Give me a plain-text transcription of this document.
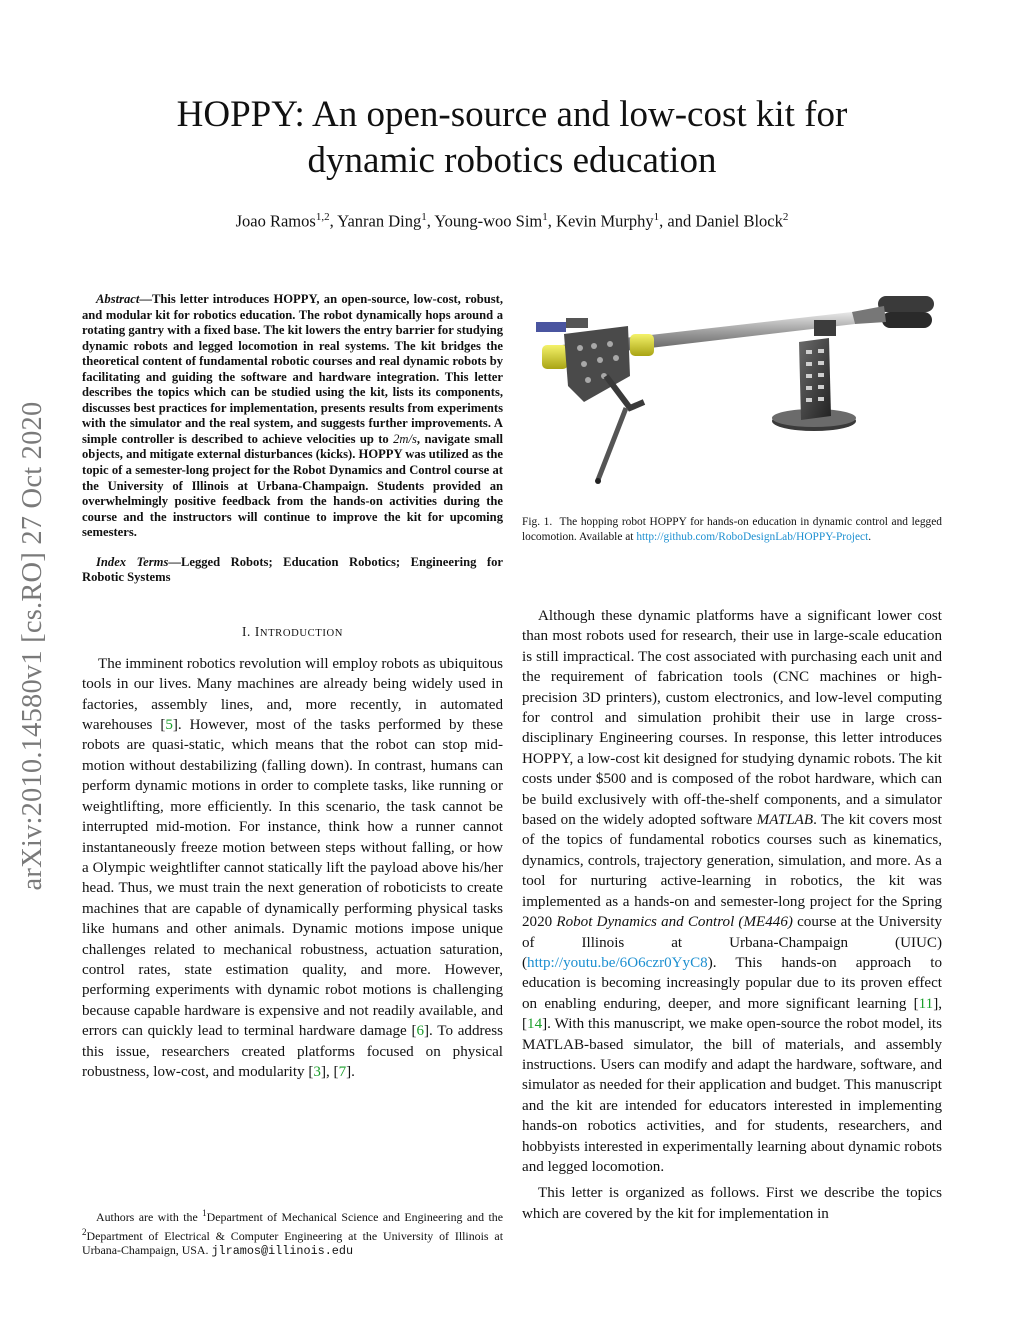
arXiv:2010.14580v1 [cs.RO] 27 Oct 2020
HOPPY: An open-source and low-cost kit for
dynamic robotics education
Joao Ramos$^{1,2}$, Yanran Ding$^1$, Young-woo Sim$^1$, Kevin Murphy$^1$, and Daniel Block$^2$

Abstract—This letter introduces HOPPY, an open-source, low-cost, robust, and modular kit for robotics education. The robot dynamically hops around a rotating gantry with a fixed base. The kit lowers the entry barrier for studying dynamic robots and legged locomotion in real systems. The kit bridges the theoretical content of fundamental robotic courses and real dynamic robots by facilitating and guiding the software and hardware integration. This letter describes the topics which can be studied using the kit, lists its components, discusses best practices for implementation, presents results from experiments with the simulator and the real system, and suggests further improvements. A simple controller is described to achieve velocities up to 2m/s, navigate small objects, and mitigate external disturbances (kicks). HOPPY was utilized as the topic of a semester-long project for the Robot Dynamics and Control course at the University of Illinois at Urbana-Champaign. Students provided an overwhelmingly positive feedback from the hands-on activities during the course and the instructors will continue to improve the kit for upcoming semesters.

Index Terms—Legged Robots; Education Robotics; Engineering for Robotic Systems

I. INTRODUCTION

The imminent robotics revolution will employ robots as ubiquitous tools in our lives. Many machines are already being widely used in factories, assembly lines, and, more recently, in automated warehouses [5]. However, most of the tasks performed by these robots are quasi-static, which means that the robot can stop mid-motion without destabilizing (falling down). In contrast, humans can perform dynamic motions in order to complete tasks, like running or weightlifting, more efficiently. In this scenario, the task cannot be interrupted mid-motion. For instance, think how a runner cannot instantaneously freeze motion between steps without falling, or how a Olympic weightlifter cannot statically lift the payload above his/her head. Thus, we must train the next generation of roboticists to create machines that are capable of dynamically performing physical tasks like humans and other animals. Dynamic motions impose unique challenges related to mechanical robustness, actuation saturation, control rates, state estimation quality, and more. However, performing experiments with dynamic robot motions is challenging because capable hardware is expensive and not readily available, and errors can quickly lead to terminal hardware damage [6]. To address this issue, researchers created platforms focused on physical robustness, low-cost, and modularity [3], [7].

Authors are with the $^1$Department of Mechanical Science and Engineering and the $^2$Department of Electrical & Computer Engineering at the University of Illinois at Urbana-Champaign, USA. jlramos@illinois.edu
Fig. 1. The hopping robot HOPPY for hands-on education in dynamic control and legged locomotion. Available at http://github.com/RoboDesignLab/HOPPY-Project.

Although these dynamic platforms have a significant lower cost than most robots used for research, their use in large-scale education is still impractical. The cost associated with purchasing each unit and the requirement of fabrication tools (CNC machines or high-precision 3D printers), custom electronics, and low-level computing for control and simulation prohibit their use in large cross-disciplinary Engineering courses. In response, this letter introduces HOPPY, a low-cost kit designed for studying dynamic robots. The kit costs under $500 and is composed of the robot hardware, which can be build exclusively with off-the-shelf components, and a simulator based on the widely adopted software MATLAB. The kit covers most of the topics of fundamental robotics courses such as kinematics, dynamics, controls, trajectory generation, simulation, and more. As a tool for nurturing active-learning in robotics, the kit was implemented as a hands-on and semester-long project for the Spring 2020 Robot Dynamics and Control (ME446) course at the University of Illinois at Urbana-Champaign (UIUC) (http://youtu.be/6O6czr0YyC8). This hands-on approach to education is becoming increasingly popular due to its proven effect on enabling enduring, deeper, and more significant learning [11], [14]. With this manuscript, we make open-source the robot model, its MATLAB-based simulator, the bill of materials, and assembly instructions. Users can modify and adapt the hardware, software, and simulator as needed for their application and budget. This manuscript and the kit are intended for educators interested in implementing hands-on robotics activities, and for students, researchers, and hobbyists interested in experimentally learning about dynamic robots and legged locomotion.

This letter is organized as follows. First we describe the topics which are covered by the kit for implementation in
